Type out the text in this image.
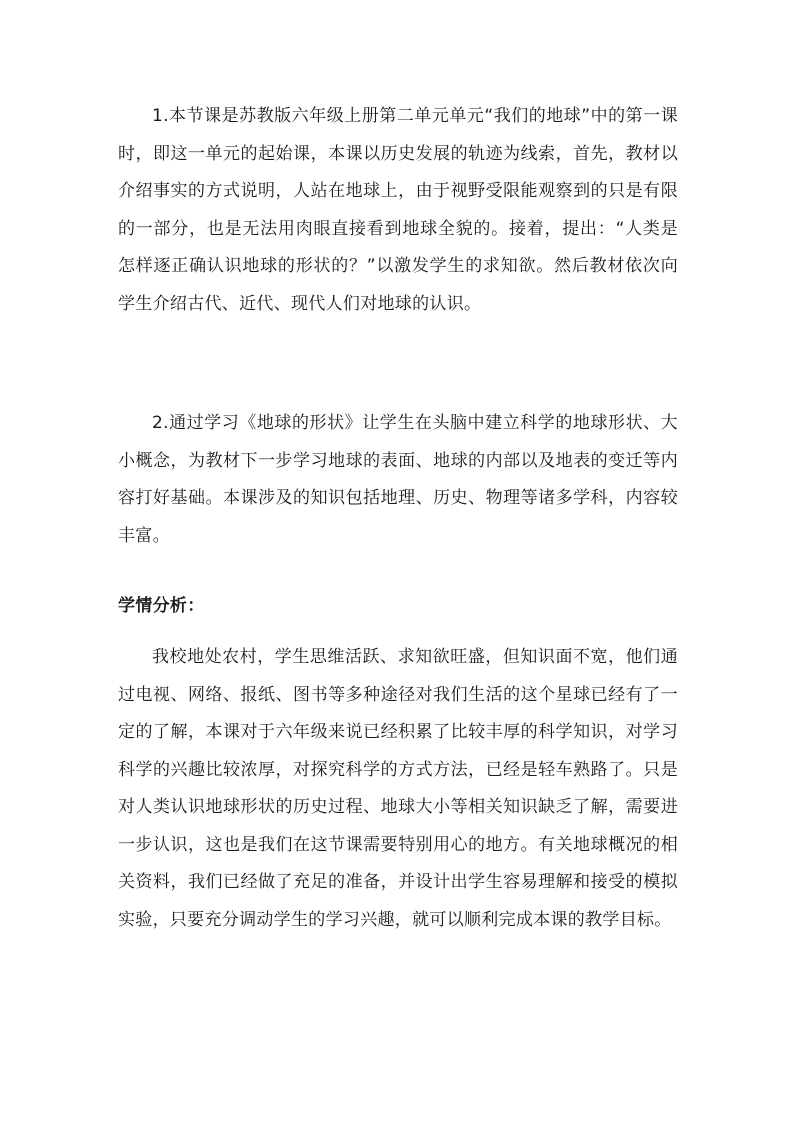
1.本节课是苏教版六年级上册第二单元单元“我们的地球”中的第一课时，即这一单元的起始课，本课以历史发展的轨迹为线索，首先，教材以介绍事实的方式说明，人站在地球上，由于视野受限能观察到的只是有限的一部分，也是无法用肉眼直接看到地球全貌的。接着，提出：“人类是怎样逐正确认识地球的形状的？”以激发学生的求知欲。然后教材依次向学生介绍古代、近代、现代人们对地球的认识。

2.通过学习《地球的形状》让学生在头脑中建立科学的地球形状、大小概念，为教材下一步学习地球的表面、地球的内部以及地表的变迁等内容打好基础。本课涉及的知识包括地理、历史、物理等诸多学科，内容较丰富。

学情分析：

我校地处农村，学生思维活跃、求知欲旺盛，但知识面不宽，他们通过电视、网络、报纸、图书等多种途径对我们生活的这个星球已经有了一定的了解，本课对于六年级来说已经积累了比较丰厚的科学知识，对学习科学的兴趣比较浓厚，对探究科学的方式方法，已经是轻车熟路了。只是对人类认识地球形状的历史过程、地球大小等相关知识缺乏了解，需要进一步认识，这也是我们在这节课需要特别用心的地方。有关地球概况的相关资料，我们已经做了充足的准备，并设计出学生容易理解和接受的模拟实验，只要充分调动学生的学习兴趣，就可以顺利完成本课的教学目标。
